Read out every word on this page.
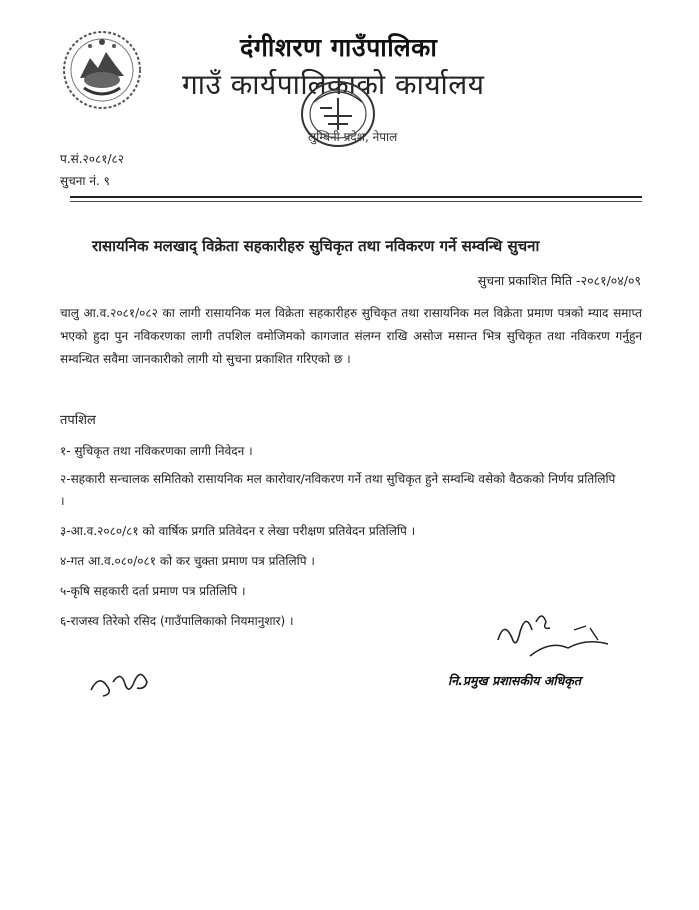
दंगीशरण गाउँपालिका
गाउँ कार्यपालिकाको कार्यालय
लुम्बिनी प्रदेश, नेपाल
प.सं.२०८१/८२
सुचना नं. ९
रासायनिक मलखाद् विक्रेता सहकारीहरु सुचिकृत तथा नविकरण गर्ने सम्वन्धि सुचना
सुचना प्रकाशित मिति -२०८१/०४/०९
चालु आ.व.२०८१/०८२ का लागी रासायनिक मल विक्रेता सहकारीहरु सुचिकृत तथा रासायनिक मल विक्रेता प्रमाण पत्रको म्याद समाप्त भएको हुदा पुन नविकरणका लागी तपशिल वमोजिमको कागजात संलग्न राखि असोज मसान्त भित्र सुचिकृत तथा नविकरण गर्नुहुन सम्वन्धित सवैमा जानकारीको लागी यो सुचना प्रकाशित गरिएको छ ।
तपशिल
१- सुचिकृत तथा नविकरणका लागी निवेदन ।
२-सहकारी सन्चालक समितिको रासायनिक मल कारोवार/नविकरण गर्ने तथा सुचिकृत हुने सम्वन्धि वसेको वैठकको निर्णय प्रतिलिपि ।
३-आ.व.२०८०/८१ को वार्षिक प्रगति प्रतिवेदन र लेखा परीक्षण प्रतिवेदन प्रतिलिपि ।
४-गत आ.व.०८०/०८१ को कर चुक्ता प्रमाण पत्र प्रतिलिपि ।
५-कृषि सहकारी दर्ता प्रमाण पत्र प्रतिलिपि ।
६-राजस्व तिरेको रसिद (गाउँपालिकाको नियमानुशार) ।
नि.प्रमुख प्रशासकीय अधिकृत
